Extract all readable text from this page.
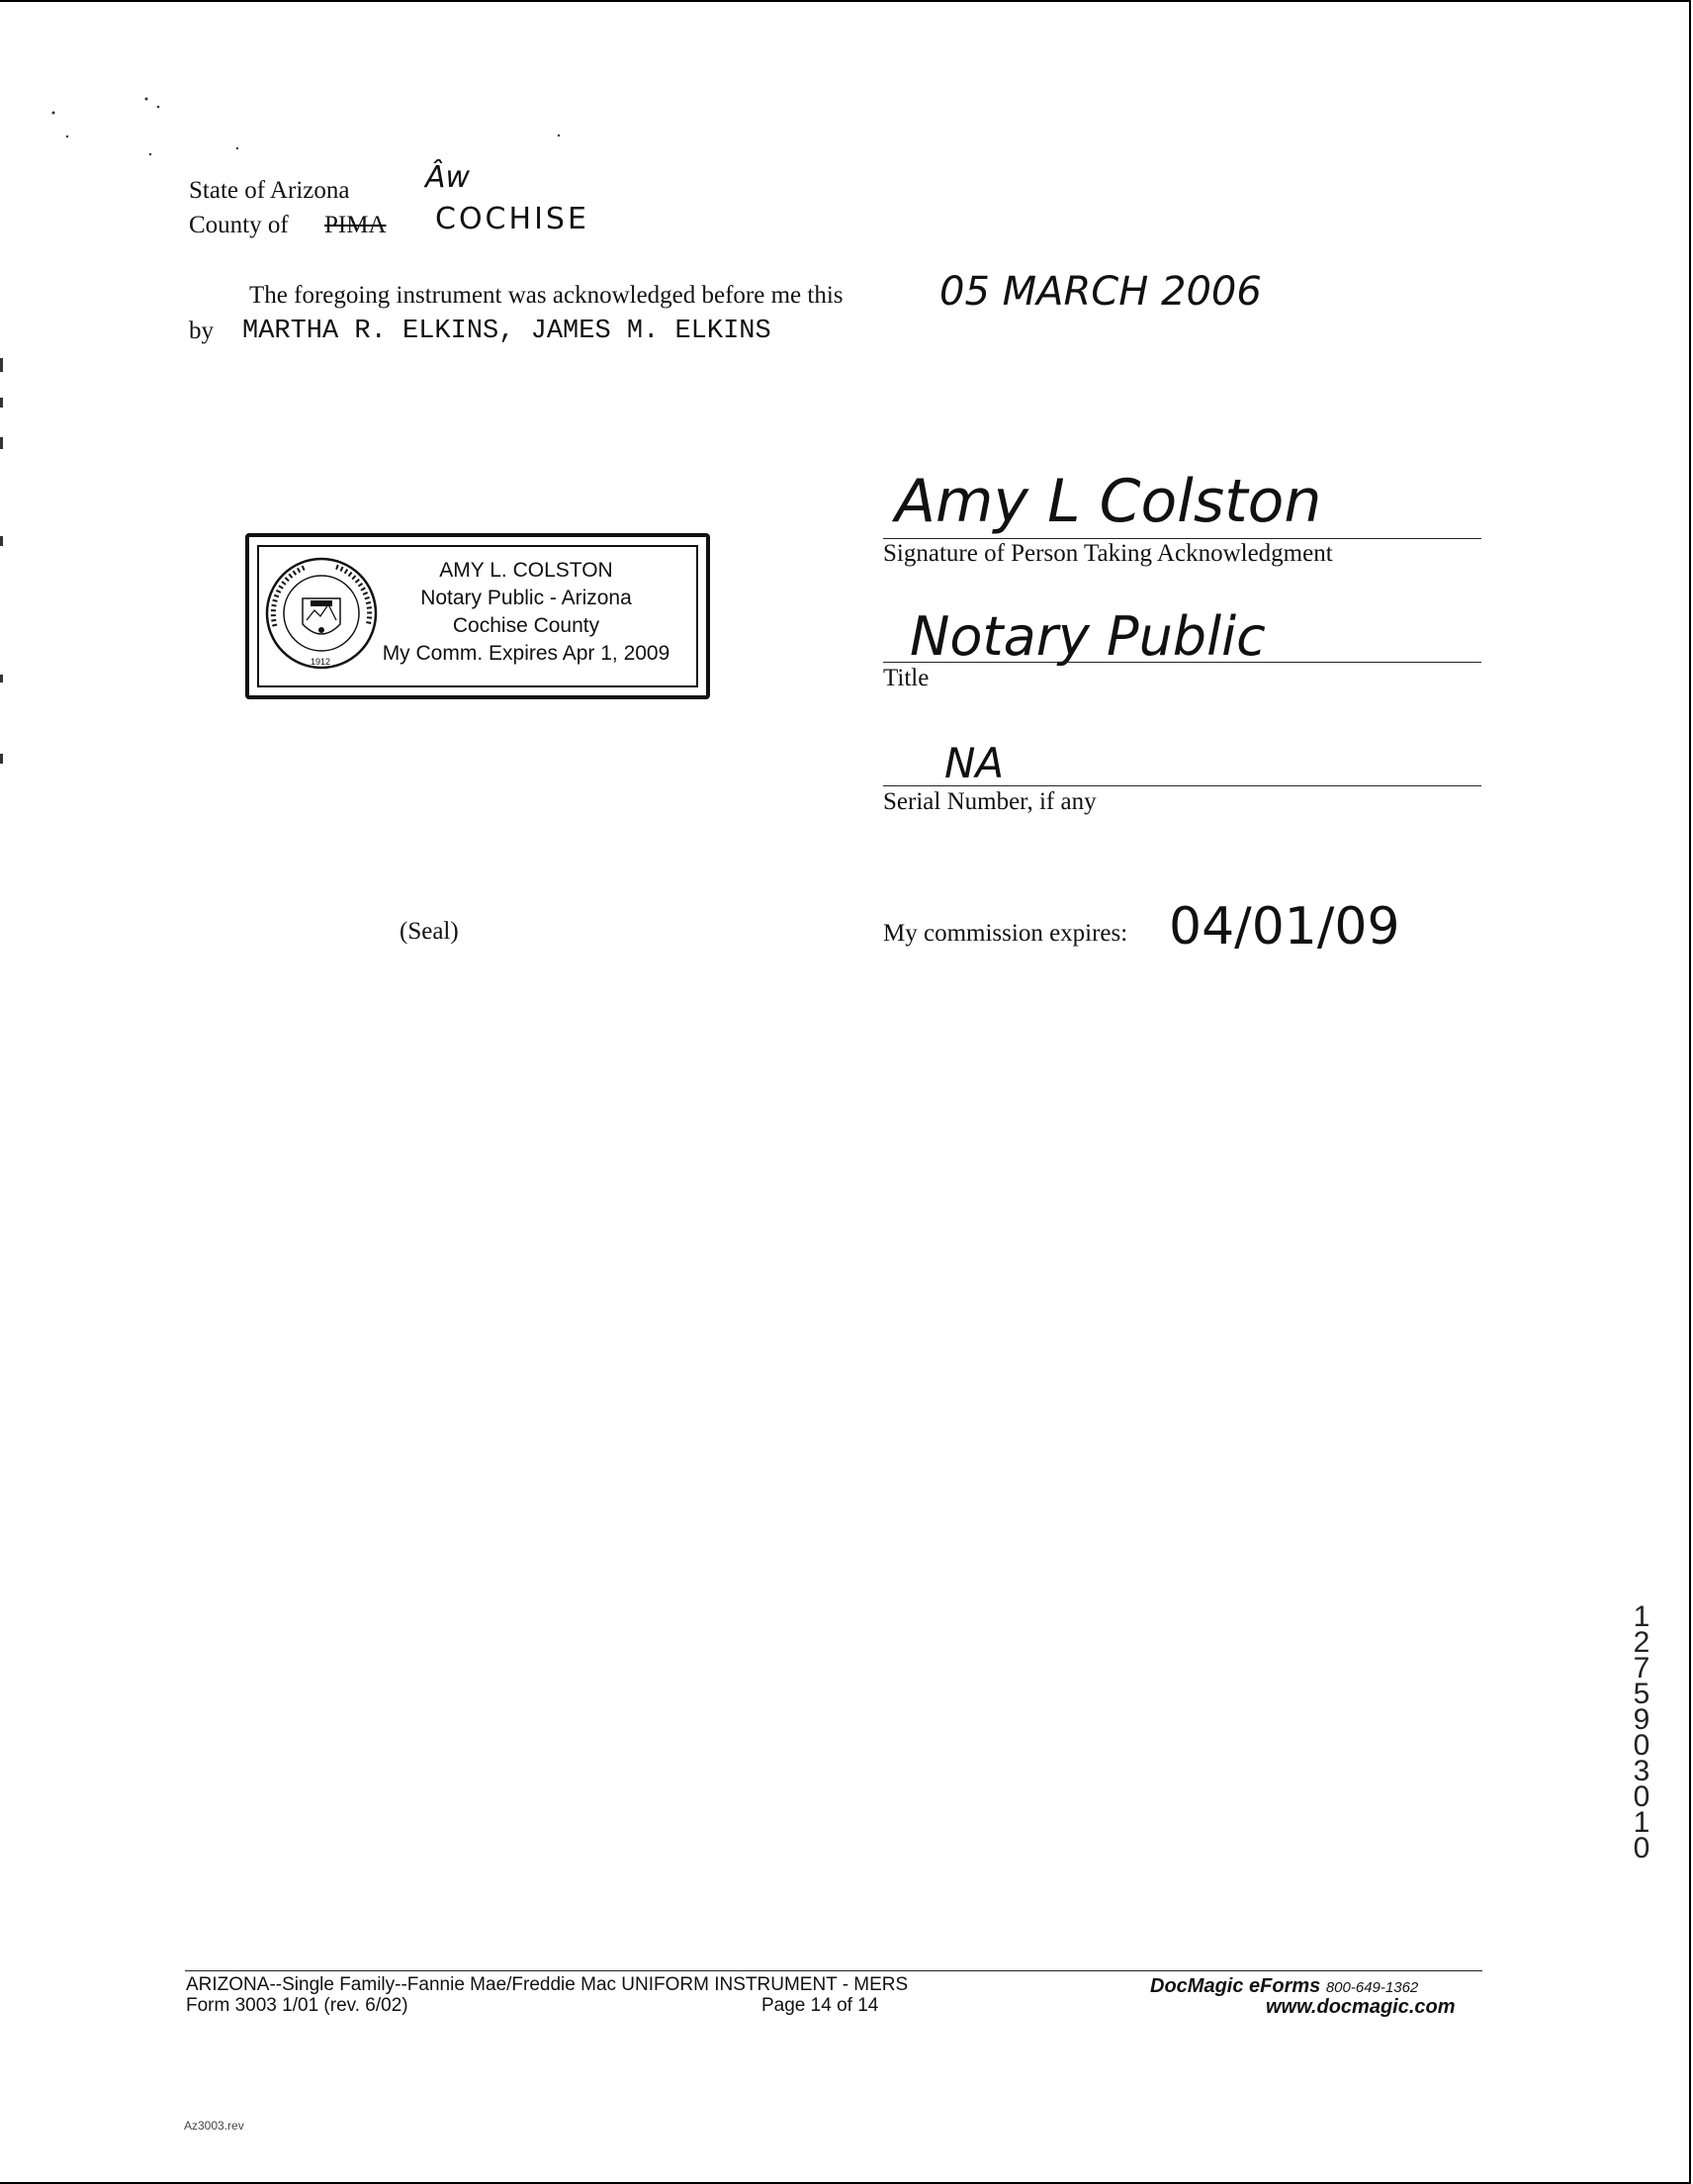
State of Arizona	Âw
County of PIMA COCHISE
The foregoing instrument was acknowledged before me this 05 MARCH 2006
by MARTHA R. ELKINS, JAMES M. ELKINS
Amy L Colston
Signature of Person Taking Acknowledgment
Notary Public
Title
NA
Serial Number, if any
My commission expires: 04/01/09
(Seal)
1912
AMY L. COLSTON
Notary Public - Arizona
Cochise County
My Comm. Expires Apr 1, 2009
12759 03010
ARIZONA--Single Family--Fannie Mae/Freddie Mac UNIFORM INSTRUMENT - MERS
Form 3003 1/01 (rev. 6/02)	Page 14 of 14
DocMagic eForms 800-649-1362
www.docmagic.com
Az3003.rev
